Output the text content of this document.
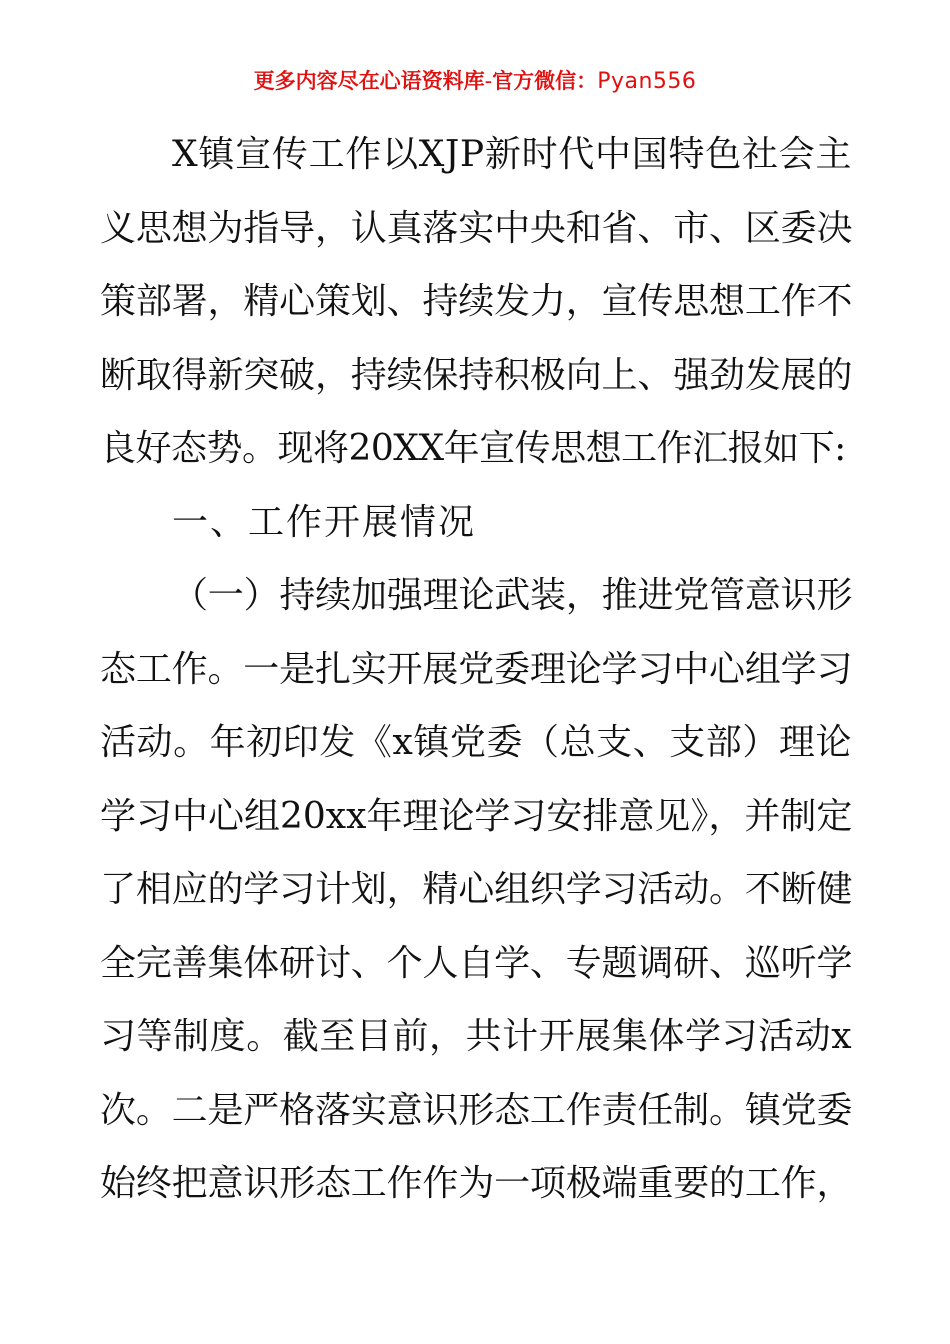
更多内容尽在心语资料库-官方微信：Pyan556
X镇宣传工作以XJP新时代中国特色社会主
义思想为指导，认真落实中央和省、市、区委决
策部署，精心策划、持续发力，宣传思想工作不
断取得新突破，持续保持积极向上、强劲发展的
良好态势。现将20XX年宣传思想工作汇报如下:
一、工作开展情况
（一）持续加强理论武装，推进党管意识形
态工作。一是扎实开展党委理论学习中心组学习
活动。年初印发《x镇党委（总支、支部）理论
学习中心组20xx年理论学习安排意见》，并制定
了相应的学习计划，精心组织学习活动。不断健
全完善集体研讨、个人自学、专题调研、巡听学
习等制度。截至目前，共计开展集体学习活动x
次。二是严格落实意识形态工作责任制。镇党委
始终把意识形态工作作为一项极端重要的工作，
